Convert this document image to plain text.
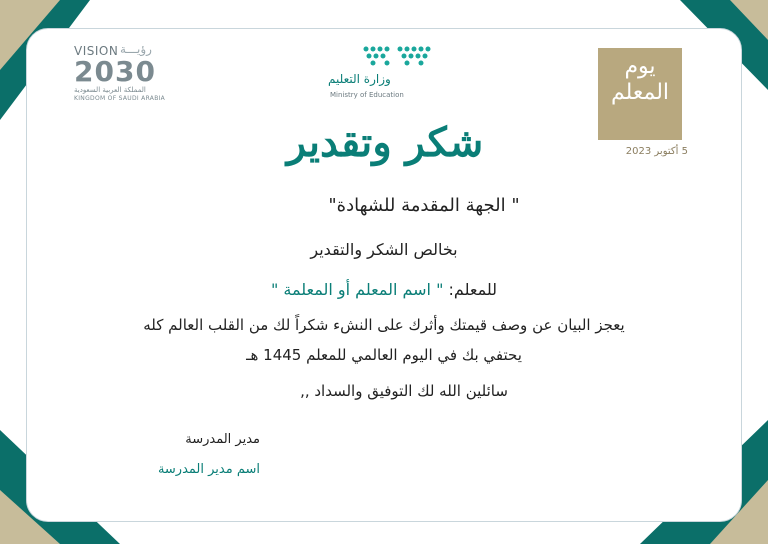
VISION رؤيـــة
2030
المملكة العربية السعودية
KINGDOM OF SAUDI ARABIA
وزارة التعليم
Ministry of Education
شكر وتقدير
يوم
المعلم
5 أكتوبر 2023
" الجهة المقدمة للشهادة"
بخالص الشكر والتقدير
للمعلم: " اسم المعلم أو المعلمة "
يعجز البيان عن وصف قيمتك وأثرك على النشء شكراً لك من القلب العالم كله
يحتفي بك في اليوم العالمي للمعلم 1445 هـ
سائلين الله لك التوفيق والسداد ,,
مدير المدرسة
اسم مدير المدرسة
